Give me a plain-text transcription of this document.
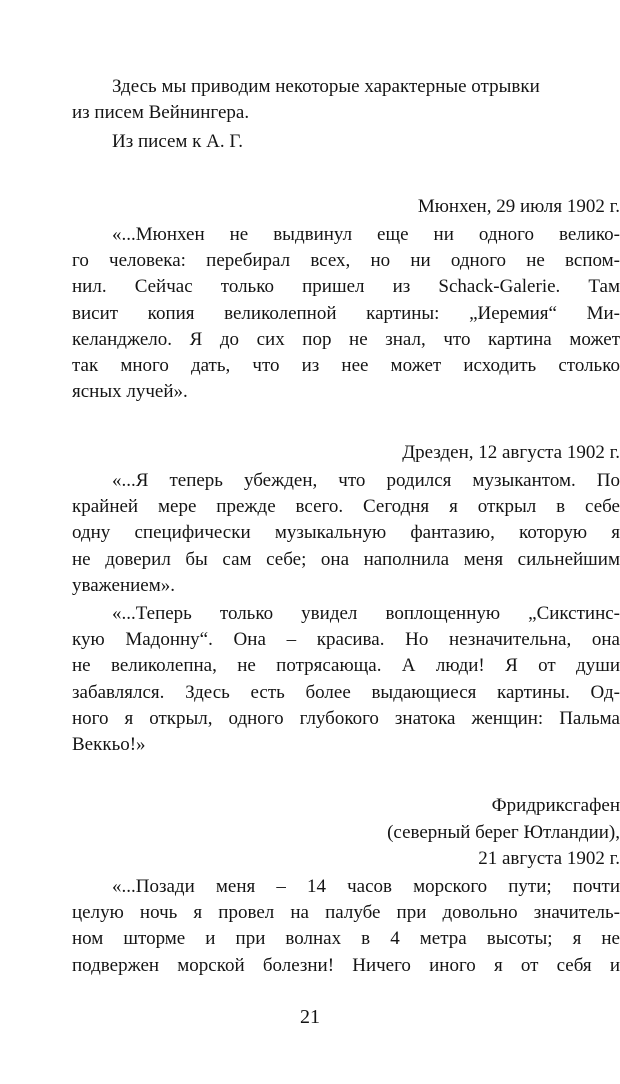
Здесь мы приводим некоторые характерные отрывки
из писем Вейнингера.
Из писем к А. Г.
Мюнхен, 29 июля 1902 г.
«...Мюнхен не выдвинул еще ни одного велико-
го человека: перебирал всех, но ни одного не вспом-
нил. Сейчас только пришел из Schack-Galerie. Там
висит копия великолепной картины: „Иеремия“ Ми-
келанджело. Я до сих пор не знал, что картина может
так много дать, что из нее может исходить столько
ясных лучей».
Дрезден, 12 августа 1902 г.
«...Я теперь убежден, что родился музыкантом. По
крайней мере прежде всего. Сегодня я открыл в себе
одну специфически музыкальную фантазию, которую я
не доверил бы сам себе; она наполнила меня сильнейшим
уважением».
«...Теперь только увидел воплощенную „Сикстинс-
кую Мадонну“. Она – красива. Но незначительна, она
не великолепна, не потрясающа. А люди! Я от души
забавлялся. Здесь есть более выдающиеся картины. Од-
ного я открыл, одного глубокого знатока женщин: Пальма
Веккьо!»
Фридриксгафен
(северный берег Ютландии),
21 августа 1902 г.
«...Позади меня – 14 часов морского пути; почти
целую ночь я провел на палубе при довольно значитель-
ном шторме и при волнах в 4 метра высоты; я не
подвержен морской болезни! Ничего иного я от себя и
21
